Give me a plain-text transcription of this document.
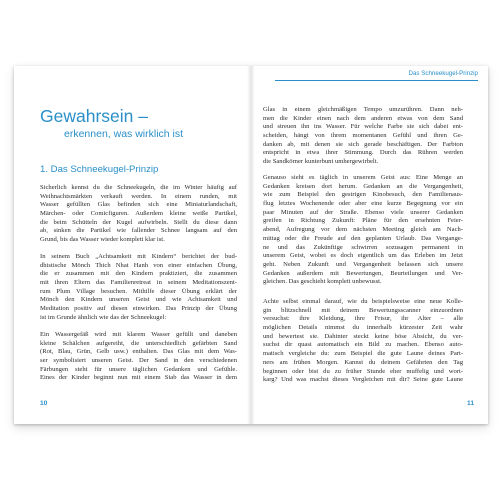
Gewahrsein –
erkennen, was wirklich ist
1. Das Schneekugel-Prinzip
Sicherlich kennst du die Schneekugeln, die im Winter häufig auf
Weihnachtsmärkten verkauft werden. In einem runden, mit
Wasser gefüllten Glas befinden sich eine Miniaturlandschaft,
Märchen- oder Comicfiguren. Außerdem kleine weiße Partikel,
die beim Schütteln der Kugel aufwirbeln. Stellt du diese dann
ab, sinken die Partikel wie fallender Schnee langsam auf den
Grund, bis das Wasser wieder komplett klar ist.
In seinem Buch „Achtsamkeit mit Kindern“ berichtet der bud-
dhistische Mönch Thich Nhat Hanh von einer einfachen Übung,
die er zusammen mit den Kindern praktiziert, die zusammen
mit ihren Eltern das Familienretreat in seinem Meditationszent-
rum Plum Village besuchen. Mithilfe dieser Übung erklärt der
Mönch den Kindern unseren Geist und wie Achtsamkeit und
Meditation positiv auf diesen einwirken. Das Prinzip der Übung
ist im Grunde ähnlich wie das der Schneekugel:
Ein Wassergefäß wird mit klarem Wasser gefüllt und daneben
kleine Schälchen aufgereiht, die unterschiedlich gefärbten Sand
(Rot, Blau, Grün, Gelb usw.) enthalten. Das Glas mit dem Was-
ser symbolisiert unseren Geist. Der Sand in den verschiedenen
Färbungen steht für unsere täglichen Gedanken und Gefühle.
Eines der Kinder beginnt nun mit einem Stab das Wasser in dem
10
Das Schneekugel-Prinzip
Glas in einem gleichmäßigen Tempo umzurühren. Dann neh-
men die Kinder einen nach dem anderen etwas von dem Sand
und streuen ihn ins Wasser. Für welche Farbe sie sich dabei ent-
scheiden, hängt von ihrem momentanen Gefühl und ihren Ge-
danken ab, mit denen sie sich gerade beschäftigen. Der Farbton
entspricht in etwa ihrer Stimmung. Durch das Rühren werden
die Sandkörner kunterbunt umhergewirbelt.
Genauso sieht es täglich in unserem Geist aus: Eine Menge an
Gedanken kreisen dort herum. Gedanken an die Vergangenheit,
wie zum Beispiel den gestrigen Kinobesuch, den Familienaus-
flug letztes Wochenende oder aber eine kurze Begegnung vor ein
paar Minuten auf der Straße. Ebenso viele unserer Gedanken
greifen in Richtung Zukunft: Pläne für den ersehnten Feier-
abend, Aufregung vor dem nächsten Meeting gleich am Nach-
mittag oder die Freude auf den geplanten Urlaub. Das Vergange-
ne und das Zukünftige schwirren sozusagen permanent in
unserem Geist, wobei es doch eigentlich um das Erleben im Jetzt
geht. Neben Zukunft und Vergangenheit befassen sich unsere
Gedanken außerdem mit Bewertungen, Beurteilungen und Ver-
gleichen. Das geschieht komplett unbewusst.
Achte selbst einmal darauf, wie du beispielsweise eine neue Kolle-
gin blitzschnell mit deinem Bewertungsscanner einzuordnen
versuchst: ihre Kleidung, ihre Frisur, ihr Alter – alle
möglichen Details nimmst du innerhalb kürzester Zeit wahr
und bewertest sie. Dahinter steckt keine böse Absicht, du ver-
suchst dir quasi automatisch ein Bild zu machen. Ebenso auto-
matisch vergleiche du: zum Beispiel die gute Laune deines Part-
ners am frühen Morgen. Kannst du deinem Gefährten den Tag
beginnen oder bist du zu früher Stunde eher muffelig und wort-
karg? Und was machst dieses Vergleichen mit dir? Seine gute Laune
11
